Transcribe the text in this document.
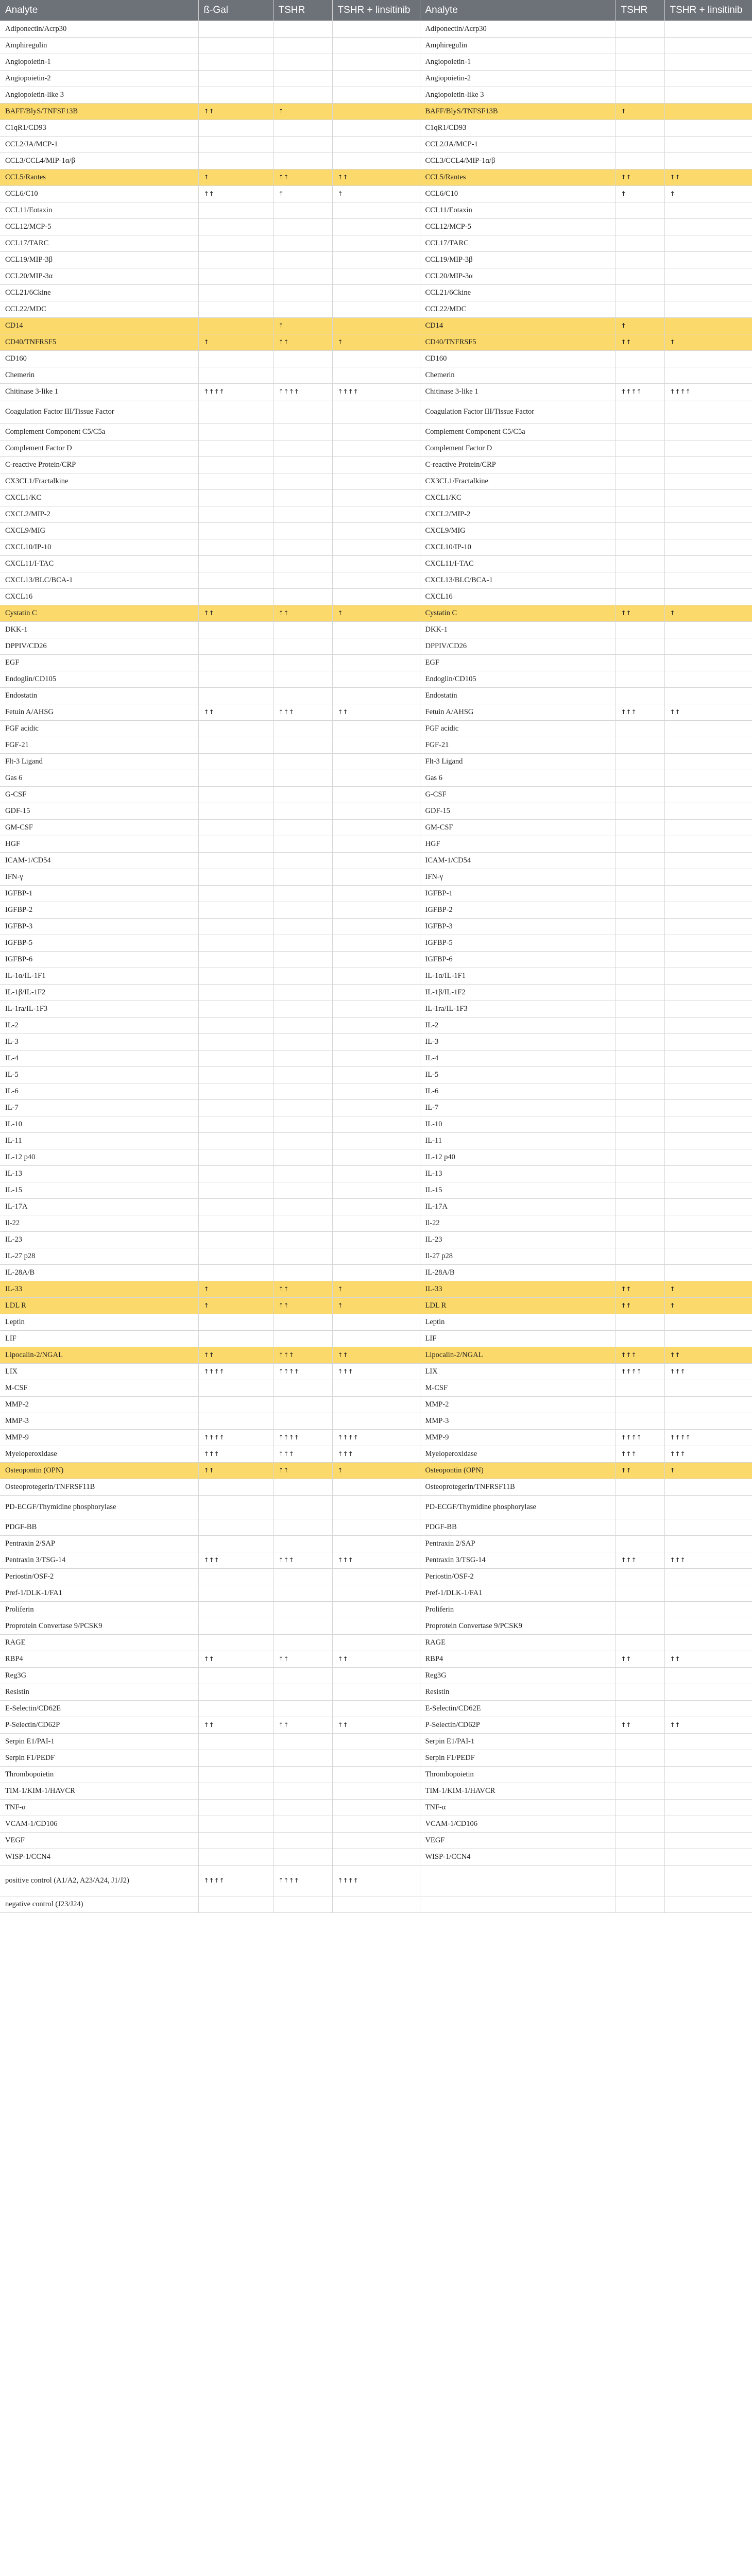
Analyte	ß-Gal	TSHR	TSHR + linsitinib	Analyte	TSHR	TSHR + linsitinib
Adiponectin/Acrp30				Adiponectin/Acrp30		
Amphiregulin				Amphiregulin		
Angiopoietin-1				Angiopoietin-1		
Angiopoietin-2				Angiopoietin-2		
Angiopoietin-like 3				Angiopoietin-like 3		
BAFF/BlyS/TNFSF13B	↑↑	↑		BAFF/BlyS/TNFSF13B	↑	
C1qR1/CD93				C1qR1/CD93		
CCL2/JA/MCP-1				CCL2/JA/MCP-1		
CCL3/CCL4/MIP-1α/β				CCL3/CCL4/MIP-1α/β		
CCL5/Rantes	↑	↑↑	↑↑	CCL5/Rantes	↑↑	↑↑
CCL6/C10	↑↑	↑	↑	CCL6/C10	↑	↑
CCL11/Eotaxin				CCL11/Eotaxin		
CCL12/MCP-5				CCL12/MCP-5		
CCL17/TARC				CCL17/TARC		
CCL19/MIP-3β				CCL19/MIP-3β		
CCL20/MIP-3α				CCL20/MIP-3α		
CCL21/6Ckine				CCL21/6Ckine		
CCL22/MDC				CCL22/MDC		
CD14		↑		CD14	↑	
CD40/TNFRSF5	↑	↑↑	↑	CD40/TNFRSF5	↑↑	↑
CD160				CD160		
Chemerin				Chemerin		
Chitinase 3-like 1	↑↑↑↑	↑↑↑↑	↑↑↑↑	Chitinase 3-like 1	↑↑↑↑	↑↑↑↑
Coagulation Factor III/Tissue Factor				Coagulation Factor III/Tissue Factor		
Complement Component C5/C5a				Complement Component C5/C5a		
Complement Factor D				Complement Factor D		
C-reactive Protein/CRP				C-reactive Protein/CRP		
CX3CL1/Fractalkine				CX3CL1/Fractalkine		
CXCL1/KC				CXCL1/KC		
CXCL2/MIP-2				CXCL2/MIP-2		
CXCL9/MIG				CXCL9/MIG		
CXCL10/IP-10				CXCL10/IP-10		
CXCL11/I-TAC				CXCL11/I-TAC		
CXCL13/BLC/BCA-1				CXCL13/BLC/BCA-1		
CXCL16				CXCL16		
Cystatin C	↑↑	↑↑	↑	Cystatin C	↑↑	↑
DKK-1				DKK-1		
DPPIV/CD26				DPPIV/CD26		
EGF				EGF		
Endoglin/CD105				Endoglin/CD105		
Endostatin				Endostatin		
Fetuin A/AHSG	↑↑	↑↑↑	↑↑	Fetuin A/AHSG	↑↑↑	↑↑
FGF acidic				FGF acidic		
FGF-21				FGF-21		
Flt-3 Ligand				Flt-3 Ligand		
Gas 6				Gas 6		
G-CSF				G-CSF		
GDF-15				GDF-15		
GM-CSF				GM-CSF		
HGF				HGF		
ICAM-1/CD54				ICAM-1/CD54		
IFN-γ				IFN-γ		
IGFBP-1				IGFBP-1		
IGFBP-2				IGFBP-2		
IGFBP-3				IGFBP-3		
IGFBP-5				IGFBP-5		
IGFBP-6				IGFBP-6		
IL-1α/IL-1F1				IL-1α/IL-1F1		
IL-1β/IL-1F2				IL-1β/IL-1F2		
IL-1ra/IL-1F3				IL-1ra/IL-1F3		
IL-2				IL-2		
IL-3				IL-3		
IL-4				IL-4		
IL-5				IL-5		
IL-6				IL-6		
IL-7				IL-7		
IL-10				IL-10		
IL-11				IL-11		
IL-12 p40				IL-12 p40		
IL-13				IL-13		
IL-15				IL-15		
IL-17A				IL-17A		
Il-22				Il-22		
IL-23				IL-23		
IL-27 p28				Il-27 p28		
IL-28A/B				IL-28A/B		
IL-33	↑	↑↑	↑	IL-33	↑↑	↑
LDL R	↑	↑↑	↑	LDL R	↑↑	↑
Leptin				Leptin		
LIF				LIF		
Lipocalin-2/NGAL	↑↑	↑↑↑	↑↑	Lipocalin-2/NGAL	↑↑↑	↑↑
LIX	↑↑↑↑	↑↑↑↑	↑↑↑	LIX	↑↑↑↑	↑↑↑
M-CSF				M-CSF		
MMP-2				MMP-2		
MMP-3				MMP-3		
MMP-9	↑↑↑↑	↑↑↑↑	↑↑↑↑	MMP-9	↑↑↑↑	↑↑↑↑
Myeloperoxidase	↑↑↑	↑↑↑	↑↑↑	Myeloperoxidase	↑↑↑	↑↑↑
Osteopontin (OPN)	↑↑	↑↑	↑	Osteopontin (OPN)	↑↑	↑
Osteoprotegerin/TNFRSF11B				Osteoprotegerin/TNFRSF11B		
PD-ECGF/Thymidine phosphorylase				PD-ECGF/Thymidine phosphorylase		
PDGF-BB				PDGF-BB		
Pentraxin 2/SAP				Pentraxin 2/SAP		
Pentraxin 3/TSG-14	↑↑↑	↑↑↑	↑↑↑	Pentraxin 3/TSG-14	↑↑↑	↑↑↑
Periostin/OSF-2				Periostin/OSF-2		
Pref-1/DLK-1/FA1				Pref-1/DLK-1/FA1		
Proliferin				Proliferin		
Proprotein Convertase 9/PCSK9				Proprotein Convertase 9/PCSK9		
RAGE				RAGE		
RBP4	↑↑	↑↑	↑↑	RBP4	↑↑	↑↑
Reg3G				Reg3G		
Resistin				Resistin		
E-Selectin/CD62E				E-Selectin/CD62E		
P-Selectin/CD62P	↑↑	↑↑	↑↑	P-Selectin/CD62P	↑↑	↑↑
Serpin E1/PAI-1				Serpin E1/PAI-1		
Serpin F1/PEDF				Serpin F1/PEDF		
Thrombopoietin				Thrombopoietin		
TIM-1/KIM-1/HAVCR				TIM-1/KIM-1/HAVCR		
TNF-α				TNF-α		
VCAM-1/CD106				VCAM-1/CD106		
VEGF				VEGF		
WISP-1/CCN4				WISP-1/CCN4		
positive control (A1/A2, A23/A24, J1/J2)	↑↑↑↑	↑↑↑↑	↑↑↑↑			
negative control (J23/J24)						
